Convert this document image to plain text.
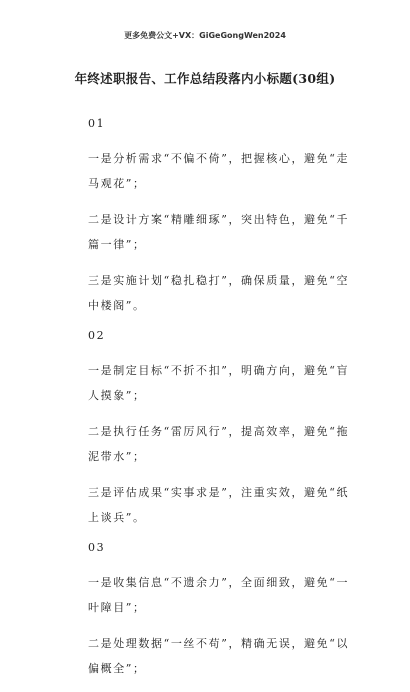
更多免费公文+VX：GiGeGongWen2024
年终述职报告、工作总结段落内小标题(30组)
01
一是分析需求“不偏不倚”，把握核心，避免“走马观花”；
二是设计方案“精雕细琢”，突出特色，避免“千篇一律”；
三是实施计划“稳扎稳打”，确保质量，避免“空中楼阁”。
02
一是制定目标“不折不扣”，明确方向，避免“盲人摸象”；
二是执行任务“雷厉风行”，提高效率，避免“拖泥带水”；
三是评估成果“实事求是”，注重实效，避免“纸上谈兵”。
03
一是收集信息“不遗余力”，全面细致，避免“一叶障目”；
二是处理数据“一丝不苟”，精确无误，避免“以偏概全”；
